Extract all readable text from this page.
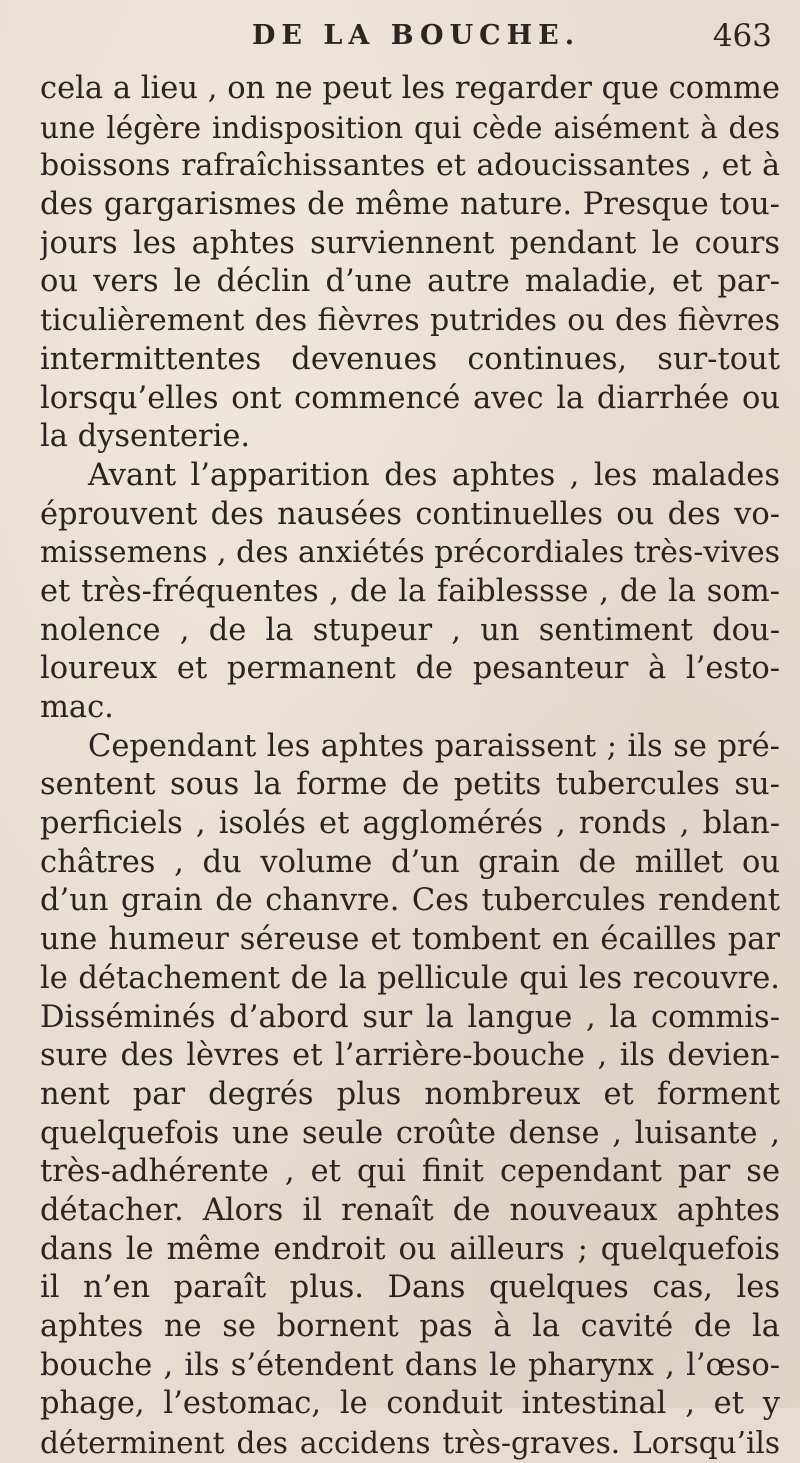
DE LA BOUCHE.	463
cela a lieu , on ne peut les regarder que comme
une légère indisposition qui cède aisément à des
boissons rafraîchissantes et adoucissantes , et à
des gargarismes de même nature. Presque tou-
jours les aphtes surviennent pendant le cours
ou vers le déclin d’une autre maladie, et par-
ticulièrement des fièvres putrides ou des fièvres
intermittentes devenues continues, sur-tout
lorsqu’elles ont commencé avec la diarrhée ou
la dysenterie.
Avant l’apparition des aphtes , les malades
éprouvent des nausées continuelles ou des vo-
missemens , des anxiétés précordiales très-vives
et très-fréquentes , de la faiblessse , de la som-
nolence , de la stupeur , un sentiment dou-
loureux et permanent de pesanteur à l’esto-
mac.
Cependant les aphtes paraissent ; ils se pré-
sentent sous la forme de petits tubercules su-
perficiels , isolés et agglomérés , ronds , blan-
châtres , du volume d’un grain de millet ou
d’un grain de chanvre. Ces tubercules rendent
une humeur séreuse et tombent en écailles par
le détachement de la pellicule qui les recouvre.
Disséminés d’abord sur la langue , la commis-
sure des lèvres et l’arrière-bouche , ils devien-
nent par degrés plus nombreux et forment
quelquefois une seule croûte dense , luisante ,
très-adhérente , et qui finit cependant par se
détacher. Alors il renaît de nouveaux aphtes
dans le même endroit ou ailleurs ; quelquefois
il n’en paraît plus. Dans quelques cas, les
aphtes ne se bornent pas à la cavité de la
bouche , ils s’étendent dans le pharynx , l’œso-
phage, l’estomac, le conduit intestinal , et y
déterminent des accidens très-graves. Lorsqu’ils
